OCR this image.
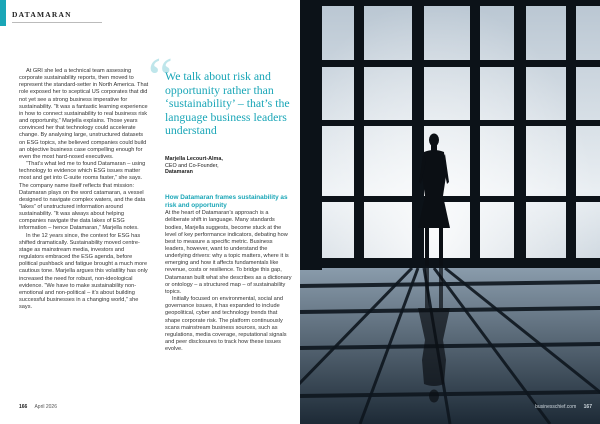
DATAMARAN

At GRI she led a technical team assessing corporate sustainability reports, then moved to represent the standard-setter in North America. That role exposed her to sceptical US corporates that did not yet see a strong business imperative for sustainability. “It was a fantastic learning experience in how to connect sustainability to real business risk and opportunity,” Marjella explains. Those years convinced her that technology could accelerate change. By analysing large, unstructured datasets on ESG topics, she believed companies could build an objective business case compelling enough for even the most hard-nosed executives.

“That’s what led me to found Datamaran – using technology to evidence which ESG issues matter most and get into C-suite rooms faster,” she says. The company name itself reflects that mission: Datamaran plays on the word catamaran, a vessel designed to navigate complex waters, and the data “lakes” of unstructured information around sustainability. “It was always about helping companies navigate the data lakes of ESG information – hence Datamaran,” Marjella notes.

In the 12 years since, the context for ESG has shifted dramatically. Sustainability moved centre-stage as mainstream media, investors and regulators embraced the ESG agenda, before political pushback and fatigue brought a much more cautious tone. Marjella argues this volatility has only increased the need for robust, non-ideological evidence. “We have to make sustainability non-emotional and non-political – it’s about building successful businesses in a changing world,” she says.

“
We talk about risk and opportunity rather than ‘sustainability’ – that’s the language business leaders understand
Marjella Lecourt-Alma,
CEO and Co-Founder,
Datamaran
How Datamaran frames sustainability as risk and opportunity

At the heart of Datamaran’s approach is a deliberate shift in language. Many standards bodies, Marjella suggests, become stuck at the level of key performance indicators, debating how best to measure a specific metric. Business leaders, however, want to understand the underlying drivers: why a topic matters, where it is emerging and how it affects fundamentals like revenue, costs or resilience. To bridge this gap, Datamaran built what she describes as a dictionary or ontology – a structured map – of sustainability topics.

Initially focused on environmental, social and governance issues, it has expanded to include geopolitical, cyber and technology trends that shape corporate risk. The platform continuously scans mainstream business sources, such as regulations, media coverage, reputational signals and peer disclosures to track how these issues evolve.

166 April 2026	businesschief.com 167
